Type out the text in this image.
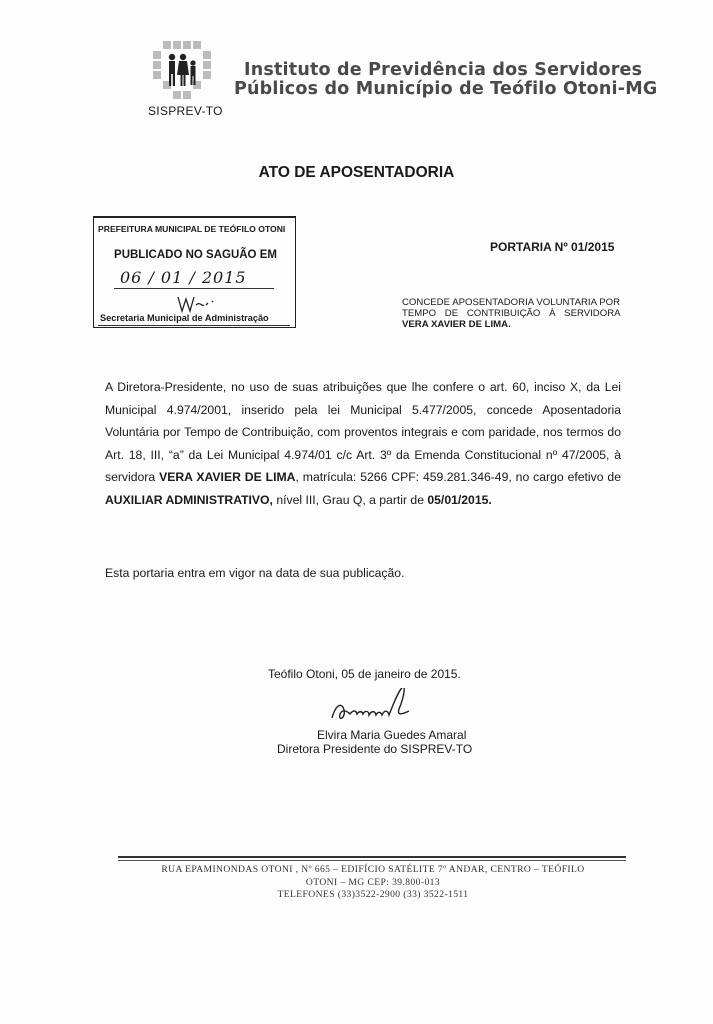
SISPREV-TO
Instituto de Previdência dos Servidores
Públicos do Município de Teófilo Otoni-MG
ATO DE APOSENTADORIA
PREFEITURA MUNICIPAL DE TEÓFILO OTONI
PUBLICADO NO SAGUÃO EM
06 / 01 / 2015
Secretaria Municipal de Administração
PORTARIA Nº 01/2015
CONCEDE APOSENTADORIA VOLUNTARIA POR TEMPO DE CONTRIBUIÇÃO À SERVIDORA VERA XAVIER DE LIMA.
A Diretora-Presidente, no uso de suas atribuições que lhe confere o art. 60, inciso X, da Lei Municipal 4.974/2001, inserido pela lei Municipal 5.477/2005, concede Aposentadoria Voluntária por Tempo de Contribuição, com proventos integrais e com paridade, nos termos do Art. 18, III, “a” da Lei Municipal 4.974/01 c/c Art. 3º da Emenda Constitucional nº 47/2005, à servidora VERA XAVIER DE LIMA, matrícula: 5266 CPF: 459.281.346-49, no cargo efetivo de AUXILIAR ADMINISTRATIVO, nível III, Grau Q, a partir de 05/01/2015.
Esta portaria entra em vigor na data de sua publicação.
Teófilo Otoni, 05 de janeiro de 2015.
Elvira Maria Guedes Amaral
Diretora Presidente do SISPREV-TO
RUA EPAMINONDAS OTONI , Nº 665 – EDIFÍCIO SATÉLITE 7º ANDAR, CENTRO – TEÓFILO
OTONI – MG CEP: 39.800-013
TELEFONES (33)3522-2900 (33) 3522-1511
